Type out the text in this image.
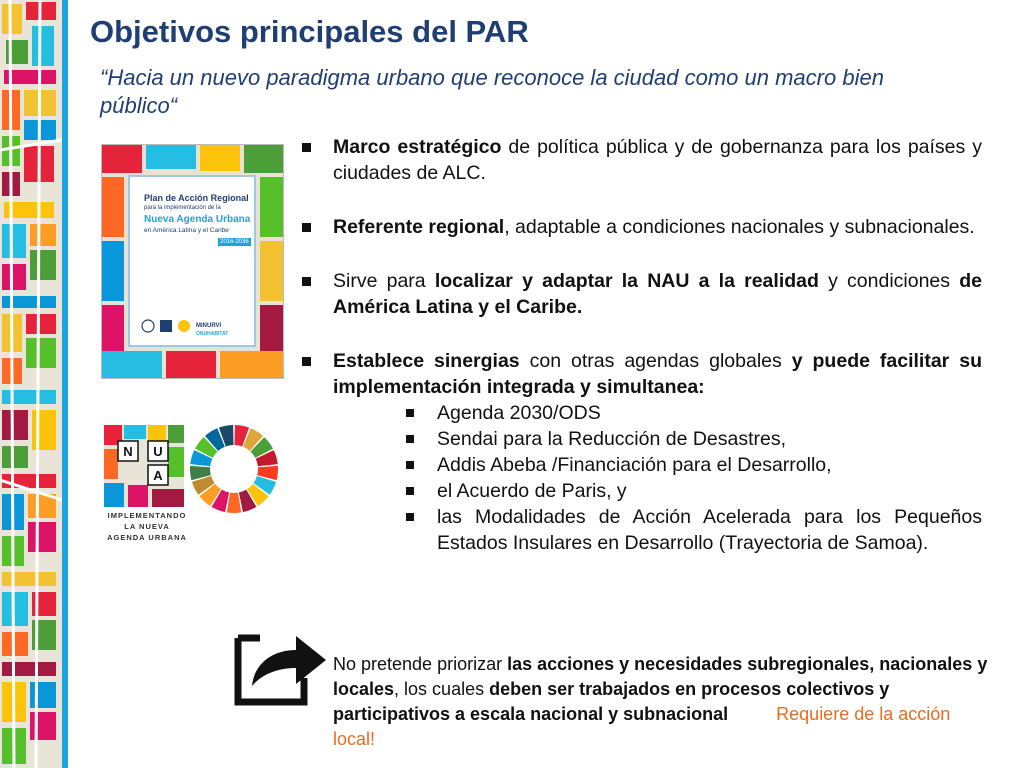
Objetivos principales del PAR
“Hacia un nuevo paradigma urbano que reconoce la ciudad como un macro bien público“
Plan de Acción Regional
para la implementación de la
Nueva Agenda Urbana
en América Latina y el Caribe
2016-2036
MINURVI
ONUHABITAT
N U
A
IMPLEMENTANDO
LA NUEVA
AGENDA URBANA
Marco estratégico de política pública y de gobernanza para los países y ciudades de ALC.
Referente regional, adaptable a condiciones nacionales y subnacionales.
Sirve para localizar y adaptar la NAU a la realidad y condiciones de América Latina y el Caribe.
Establece sinergias con otras agendas globales y puede facilitar su implementación integrada y simultanea:
Agenda 2030/ODS
Sendai para la Reducción de Desastres,
Addis Abeba /Financiación para el Desarrollo,
el Acuerdo de Paris, y
las Modalidades de Acción Acelerada para los Pequeños Estados Insulares en Desarrollo (Trayectoria de Samoa).
No pretende priorizar las acciones y necesidades subregionales, nacionales y locales, los cuales deben ser trabajados en procesos colectivos y participativos a escala nacional y subnacional	Requiere de la acción local!
